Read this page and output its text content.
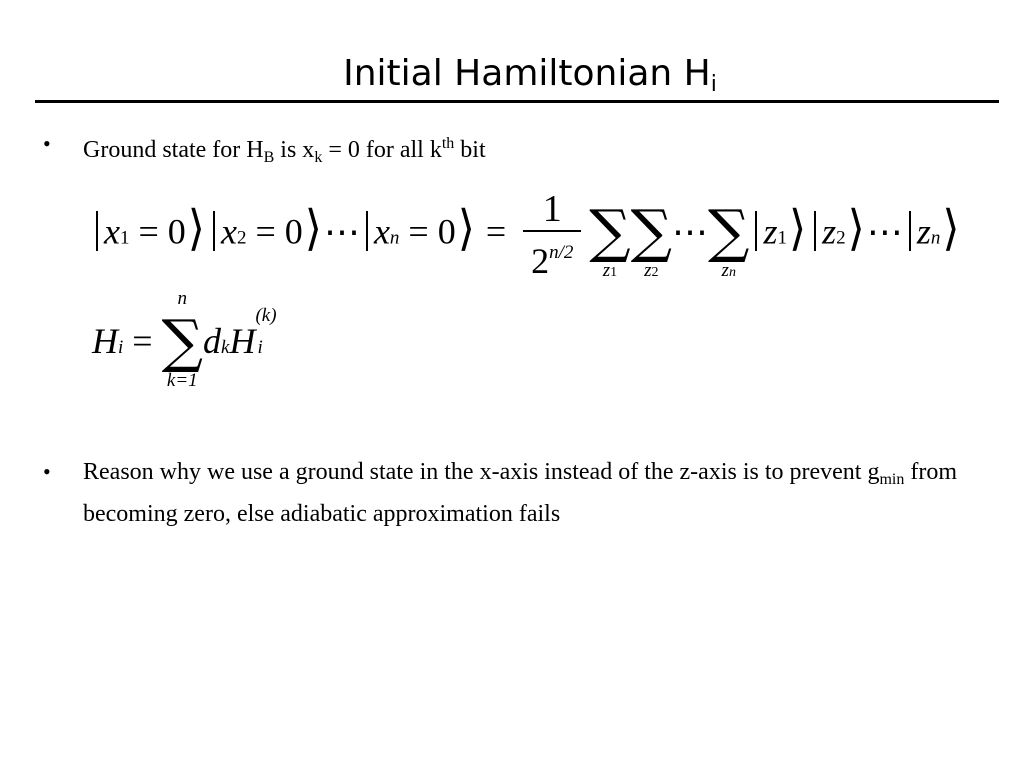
Initial Hamiltonian $H_i$
•	Ground state for $H_B$ is $x_k = 0$ for all $k^{th}$ bit
x1 = 0⟩ x2 = 0⟩⋯ xn = 0⟩ = $\frac{1}{2^{n/2}}$ ∑
z1
∑
z2
⋯∑
zn
z1⟩ z2⟩⋯ zn⟩
Hi =
n
∑
k=1
dkH
(k)
i
•	Reason why we use a ground state in the x-axis instead of the z-axis is to prevent $g_{min}$ from becoming zero, else adiabatic approximation fails
